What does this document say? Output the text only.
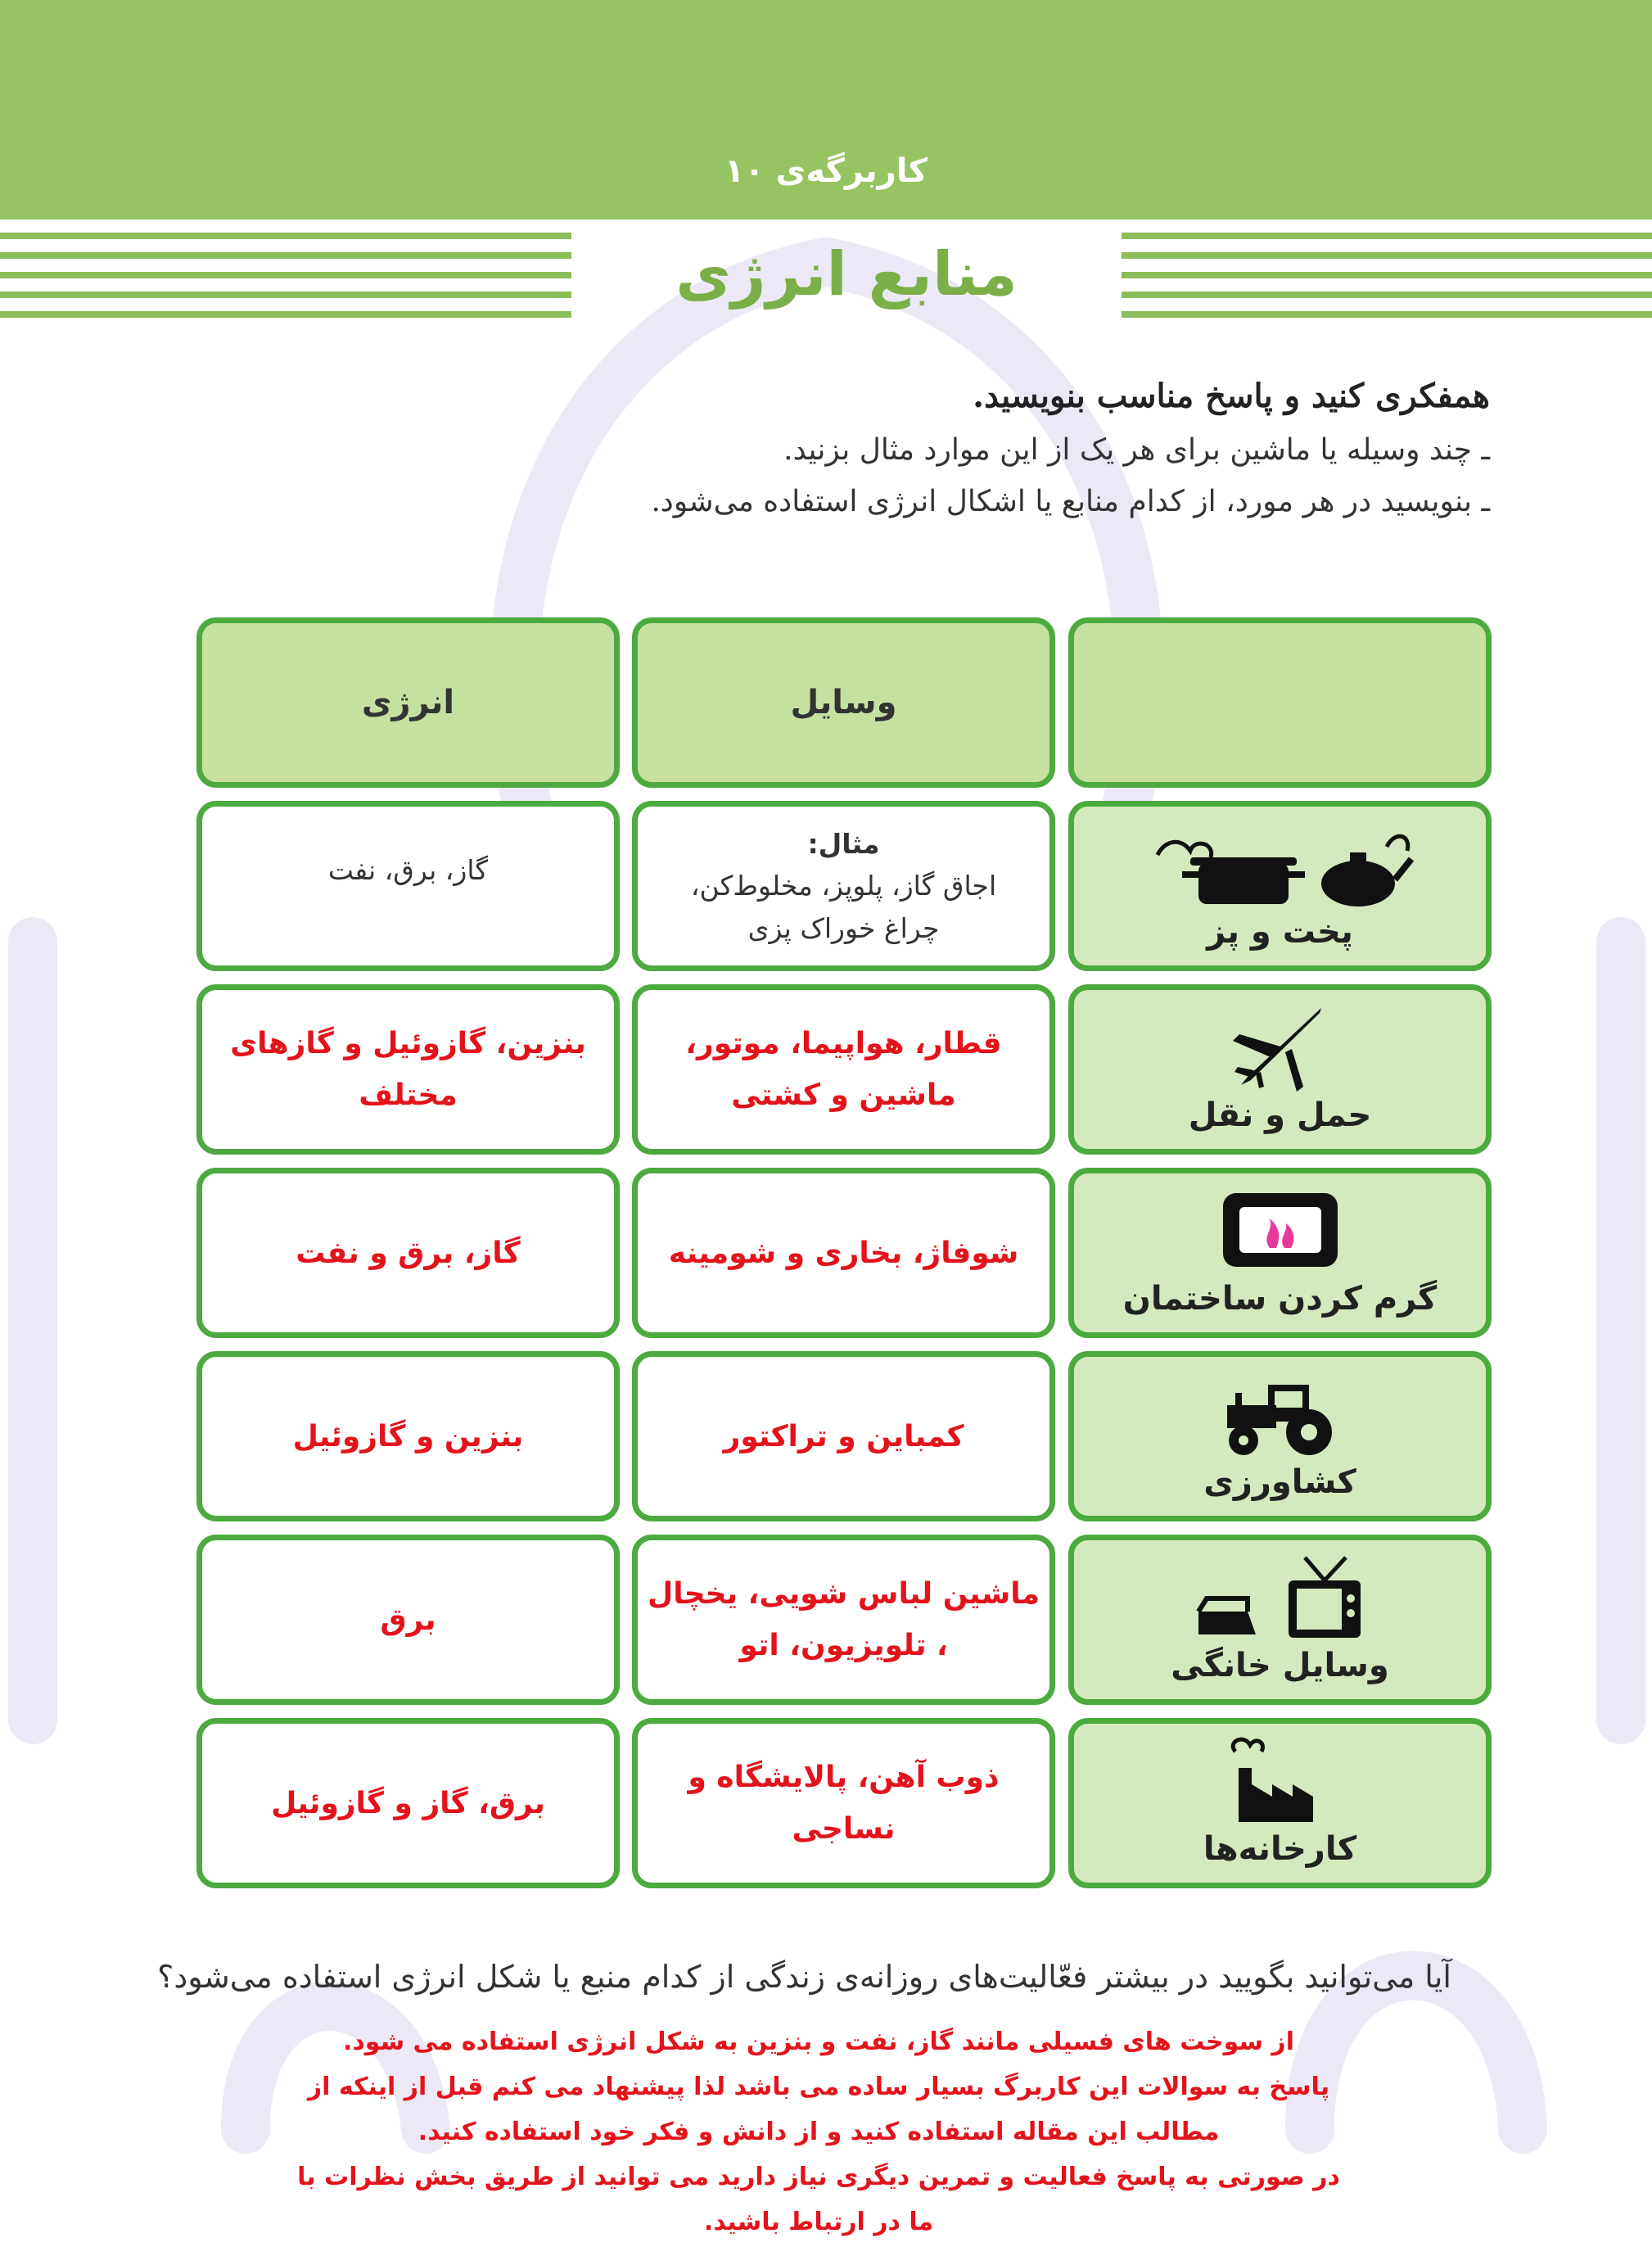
کاربرگه‌ی ۱۰
منابع انرژی
همفکری کنید و پاسخ مناسب بنویسید.
ـ چند وسیله یا ماشین برای هر یک از این موارد مثال بزنید.
ـ بنویسید در هر مورد، از کدام منابع یا اشکال انرژی استفاده می‌شود.
وسایل
انرژی
پخت و پز
مثال:
اجاق گاز، پلوپز، مخلوط‌کن،
چراغ خوراک پزی
گاز، برق، نفت
حمل و نقل
قطار، هواپیما، موتور،
ماشین و کشتی
بنزین، گازوئیل و گازهای
مختلف
گرم کردن ساختمان
شوفاژ، بخاری و شومینه
گاز، برق و نفت
کشاورزی
کمباین و تراکتور
بنزین و گازوئیل
وسایل خانگی
ماشین لباس شویی، یخچال
، تلویزیون، اتو
برق
کارخانه‌ها
ذوب آهن، پالایشگاه و نساجی
برق، گاز و گازوئیل
آیا می‌توانید بگویید در بیشتر فعّالیت‌های روزانه‌ی زندگی از کدام منبع یا شکل انرژی استفاده می‌شود؟
از سوخت های فسیلی مانند گاز، نفت و بنزین به شکل انرژی استفاده می شود.
پاسخ به سوالات این کاربرگ بسیار ساده می باشد لذا پیشنهاد می کنم قبل از اینکه از
مطالب این مقاله استفاده کنید و از دانش و فکر خود استفاده کنید.
در صورتی به پاسخ فعالیت و تمرین دیگری نیاز دارید می توانید از طریق بخش نظرات با
ما در ارتباط باشید.
